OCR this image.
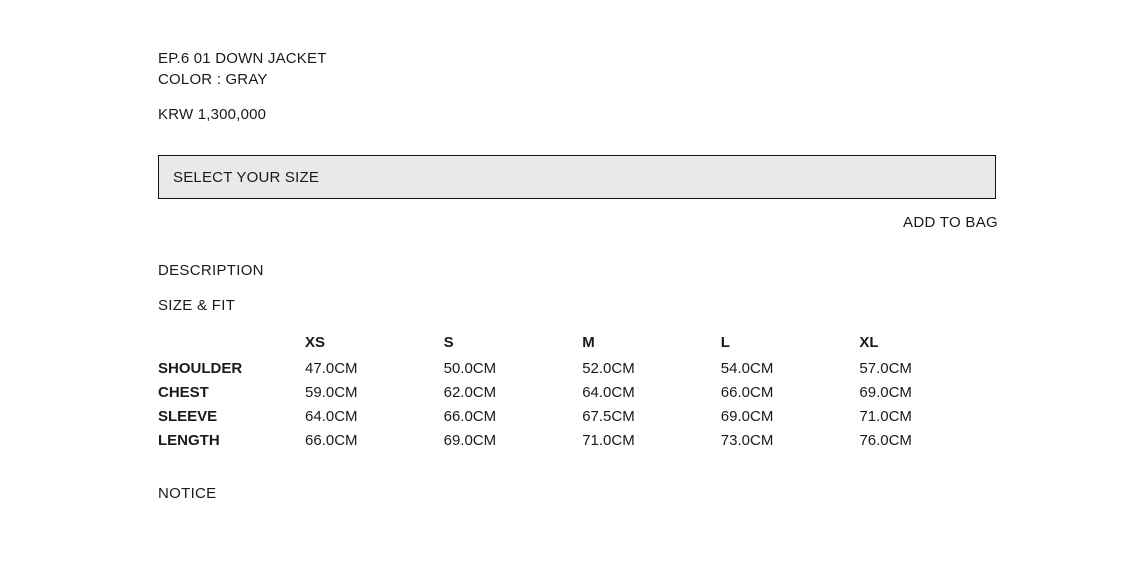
EP.6 01 DOWN JACKET
COLOR : GRAY
KRW 1,300,000
SELECT YOUR SIZE
ADD TO BAG
DESCRIPTION
SIZE & FIT
	XS	S	M	L	XL
SHOULDER	47.0CM	50.0CM	52.0CM	54.0CM	57.0CM
CHEST	59.0CM	62.0CM	64.0CM	66.0CM	69.0CM
SLEEVE	64.0CM	66.0CM	67.5CM	69.0CM	71.0CM
LENGTH	66.0CM	69.0CM	71.0CM	73.0CM	76.0CM
NOTICE
